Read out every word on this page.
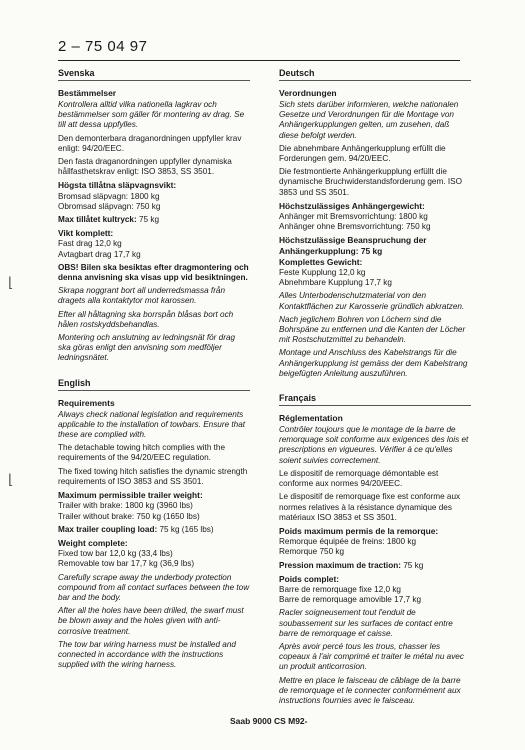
2 – 75 04 97
⌊
⌊
Svenska
Bestämmelser

Kontrollera alltid vilka nationella lagkrav och bestämmelser som gäller för montering av drag. Se till att dessa uppfylles.

Den demonterbara draganordningen uppfyller krav enligt: 94/20/EEC.

Den fasta draganordningen uppfyller dynamiska hållfasthetskrav enligt: ISO 3853, SS 3501.

Högsta tillåtna släpvagnsvikt:
Bromsad släpvagn: 1800 kg
Obromsad släpvagn: 750 kg
Max tillåtet kultryck: 75 kg
Vikt komplett:
Fast drag 12,0 kg
Avtagbart drag 17,7 kg

OBS! Bilen ska besiktas efter dragmontering och denna anvisning ska visas upp vid besiktningen.

Skrapa noggrant bort all underredsmassa från dragets alla kontaktytor mot karossen.

Efter all håltagning ska borrspån blåsas bort och hålen rostskyddsbehandlas.

Montering och anslutning av ledningsnät för drag ska göras enligt den anvisning som medföljer ledningsnätet.

English
Requirements

Always check national legislation and requirements applicable to the installation of towbars. Ensure that these are complied with.

The detachable towing hitch complies with the requirements of the 94/20/EEC regulation.

The fixed towing hitch satisfies the dynamic strength requirements of ISO 3853 and SS 3501.

Maximum permissible trailer weight:
Trailer with brake: 1800 kg (3960 lbs)
Trailer without brake: 750 kg (1650 lbs)
Max trailer coupling load: 75 kg (165 lbs)
Weight complete:
Fixed tow bar 12,0 kg (33,4 lbs)
Removable tow bar 17,7 kg (36,9 lbs)

Carefully scrape away the underbody protection compound from all contact surfaces between the tow bar and the body.

After all the holes have been drilled, the swarf must be blown away and the holes given with anti-corrosive treatment.

The tow bar wiring harness must be installed and connected in accordance with the instructions supplied with the wiring harness.

Deutsch
Verordnungen

Sich stets darüber informieren, welche nationalen Gesetze und Verordnungen für die Montage von Anhängerkupplungen gelten, um zusehen, daß diese befolgt werden.

Die abnehmbare Anhängerkupplung erfüllt die Forderungen gem. 94/20/EEC.

Die festmontierte Anhängerkupplung erfüllt die dynamische Bruchwiderstandsforderung gem. ISO 3853 und SS 3501.

Höchstzulässiges Anhängergewicht:
Anhänger mit Bremsvorrichtung: 1800 kg
Anhänger ohne Bremsvorrichtung: 750 kg
Höchstzulässige Beanspruchung der Anhängerkupplung: 75 kg
Komplettes Gewicht:
Feste Kupplung 12,0 kg
Abnehmbare Kupplung 17,7 kg

Alles Unterbodenschutzmaterial von den Kontaktflächen zur Karosserie gründlich abkratzen.

Nach jeglichem Bohren von Löchern sind die Bohrspäne zu entfernen und die Kanten der Löcher mit Rostschutzmittel zu behandeln.

Montage und Anschluss des Kabelstrangs für die Anhängerkupplung ist gemäss der dem Kabelstrang beigefügten Anleitung auszuführen.

Français
Réglementation

Contrôler toujours que le montage de la barre de remorquage soit conforme aux exigences des lois et prescriptions en vigueures. Vérifier à ce qu'elles soient suivies correctement.

Le dispositif de remorquage démontable est conforme aux normes 94/20/EEC.

Le dispositif de remorquage fixe est conforme aux normes relatives à la résistance dynamique des matériaux ISO 3853 et SS 3501.

Poids maximum permis de la remorque:
Remorque équipée de freins: 1800 kg
Remorque 750 kg
Pression maximum de traction: 75 kg
Poids complet:
Barre de remorquage fixe 12,0 kg
Barre de remorquage amovible 17,7 kg

Racler soigneusement tout l'enduit de soubassement sur les surfaces de contact entre barre de remorquage et caisse.

Après avoir percé tous les trous, chasser les copeaux à l'air comprimé et traiter le métal nu avec un produit anticorrosion.

Mettre en place le faisceau de câblage de la barre de remorquage et le connecter conformément aux instructions fournies avec le faisceau.

Saab 9000 CS M92-
